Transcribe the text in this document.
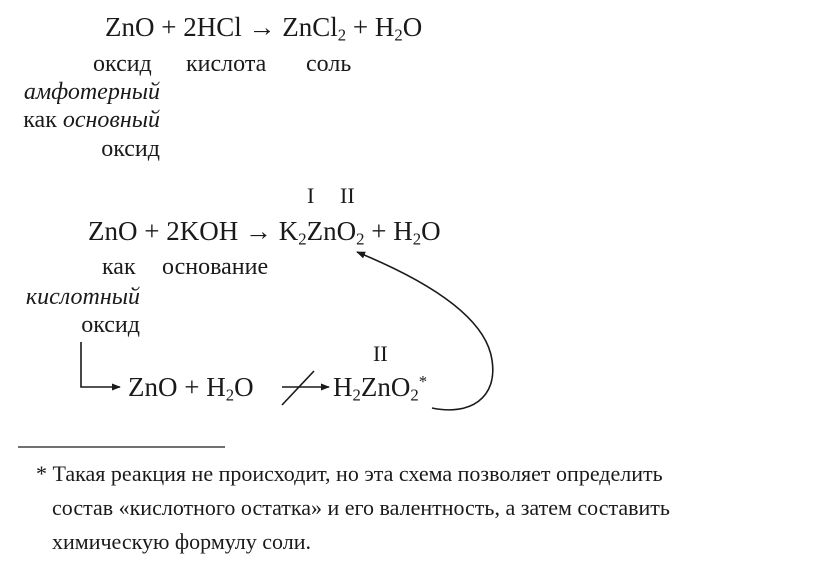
ZnO + 2HCl → ZnCl$_2$ + $H_2O$
оксид кислота соль
амфотерный
как основный
оксид
I II
ZnO + $2KOH \to K_2ZnO_2 + H_2O$
как основание
кислотный
оксид
II
ZnO + $H_2O$	$H_2ZnO_2^*$
* Такая реакция не происходит, но эта схема позволяет определить
состав «кислотного остатка» и его валентность, а затем составить
химическую формулу соли.
